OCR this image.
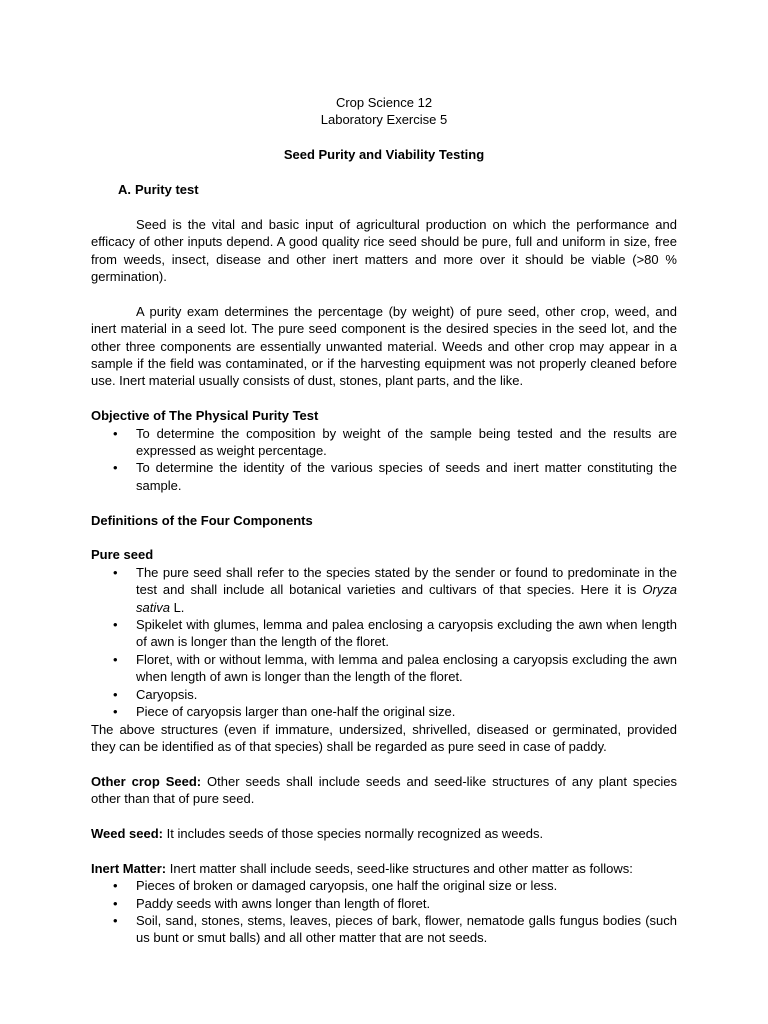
Crop Science 12
Laboratory Exercise 5
Seed Purity and Viability Testing
A. Purity test

Seed is the vital and basic input of agricultural production on which the performance and efficacy of other inputs depend. A good quality rice seed should be pure, full and uniform in size, free from weeds, insect, disease and other inert matters and more over it should be viable (>80 % germination).

A purity exam determines the percentage (by weight) of pure seed, other crop, weed, and inert material in a seed lot. The pure seed component is the desired species in the seed lot, and the other three components are essentially unwanted material. Weeds and other crop may appear in a sample if the field was contaminated, or if the harvesting equipment was not properly cleaned before use. Inert material usually consists of dust, stones, plant parts, and the like.

Objective of The Physical Purity Test
• To determine the composition by weight of the sample being tested and the results are expressed as weight percentage.
• To determine the identity of the various species of seeds and inert matter constituting the sample.
Definitions of the Four Components
Pure seed
• The pure seed shall refer to the species stated by the sender or found to predominate in the test and shall include all botanical varieties and cultivars of that species. Here it is Oryza sativa L.
• Spikelet with glumes, lemma and palea enclosing a caryopsis excluding the awn when length of awn is longer than the length of the floret.
• Floret, with or without lemma, with lemma and palea enclosing a caryopsis excluding the awn when length of awn is longer than the length of the floret.
• Caryopsis.
• Piece of caryopsis larger than one-half the original size.

The above structures (even if immature, undersized, shrivelled, diseased or germinated, provided they can be identified as of that species) shall be regarded as pure seed in case of paddy.

Other crop Seed: Other seeds shall include seeds and seed-like structures of any plant species other than that of pure seed.

Weed seed: It includes seeds of those species normally recognized as weeds.

Inert Matter: Inert matter shall include seeds, seed-like structures and other matter as follows:

• Pieces of broken or damaged caryopsis, one half the original size or less.
• Paddy seeds with awns longer than length of floret.
• Soil, sand, stones, stems, leaves, pieces of bark, flower, nematode galls fungus bodies (such us bunt or smut balls) and all other matter that are not seeds.
